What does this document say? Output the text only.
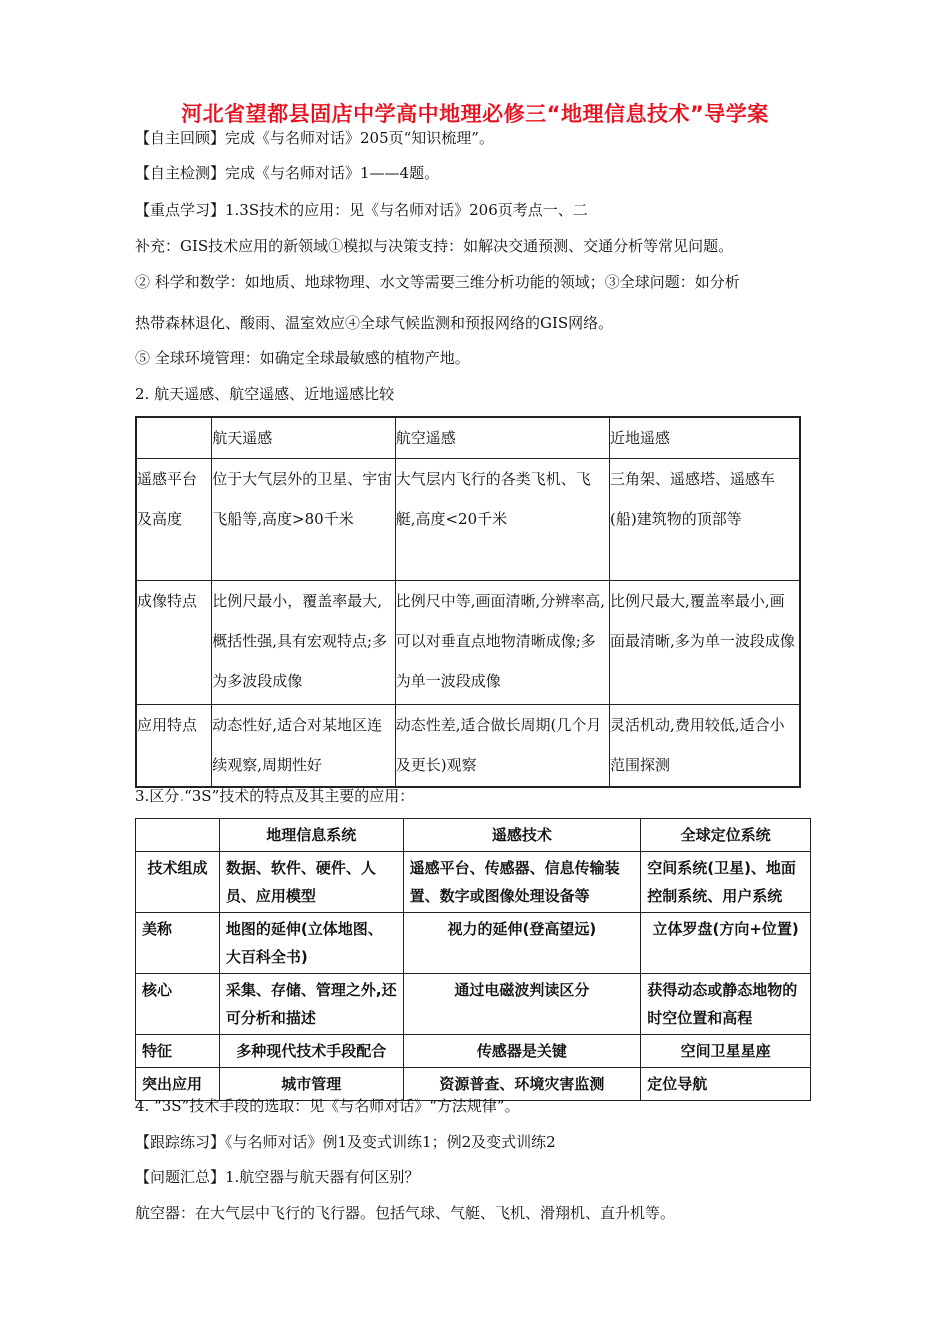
河北省望都县固店中学高中地理必修三“地理信息技术”导学案
【自主回顾】完成《与名师对话》205页“知识梳理”。
【自主检测】完成《与名师对话》1——4题。
【重点学习】1.3S技术的应用：见《与名师对话》206页考点一、二
补充：GIS技术应用的新领域①模拟与决策支持：如解决交通预测、交通分析等常见问题。
② 科学和数学：如地质、地球物理、水文等需要三维分析功能的领域；③全球问题：如分析
热带森林退化、酸雨、温室效应④全球气候监测和预报网络的GIS网络。
⑤ 全球环境管理：如确定全球最敏感的植物产地。
2. 航天遥感、航空遥感、近地遥感比较
	航天遥感	航空遥感	近地遥感
遥感平台及高度	位于大气层外的卫星、宇宙飞船等,高度>80千米	大气层内飞行的各类飞机、飞艇,高度<20千米	三角架、遥感塔、遥感车(船)建筑物的顶部等
成像特点	比例尺最小，覆盖率最大,概括性强,具有宏观特点;多为多波段成像	比例尺中等,画面清晰,分辨率高,可以对垂直点地物清晰成像;多为单一波段成像	比例尺最大,覆盖率最小,画面最清晰,多为单一波段成像
应用特点	动态性好,适合对某地区连续观察,周期性好	动态性差,适合做长周期(几个月及更长)观察	灵活机动,费用较低,适合小范围探测
3.区分.“3S”技术的特点及其主要的应用：
	地理信息系统	遥感技术	全球定位系统
技术组成	数据、软件、硬件、人员、应用模型	遥感平台、传感器、信息传输装置、数字或图像处理设备等	空间系统(卫星)、地面控制系统、用户系统
美称	地图的延伸(立体地图、大百科全书)	视力的延伸(登高望远)	立体罗盘(方向+位置)
核心	采集、存储、管理之外,还可分析和描述	通过电磁波判读区分	获得动态或静态地物的时空位置和高程
特征	多种现代技术手段配合	传感器是关键	空间卫星星座
突出应用	城市管理	资源普查、环境灾害监测	定位导航
4. “3S”技术手段的选取：见《与名师对话》“方法规律”。
【跟踪练习】《与名师对话》例1及变式训练1；例2及变式训练2
【问题汇总】1.航空器与航天器有何区别？
航空器：在大气层中飞行的飞行器。包括气球、气艇、飞机、滑翔机、直升机等。
